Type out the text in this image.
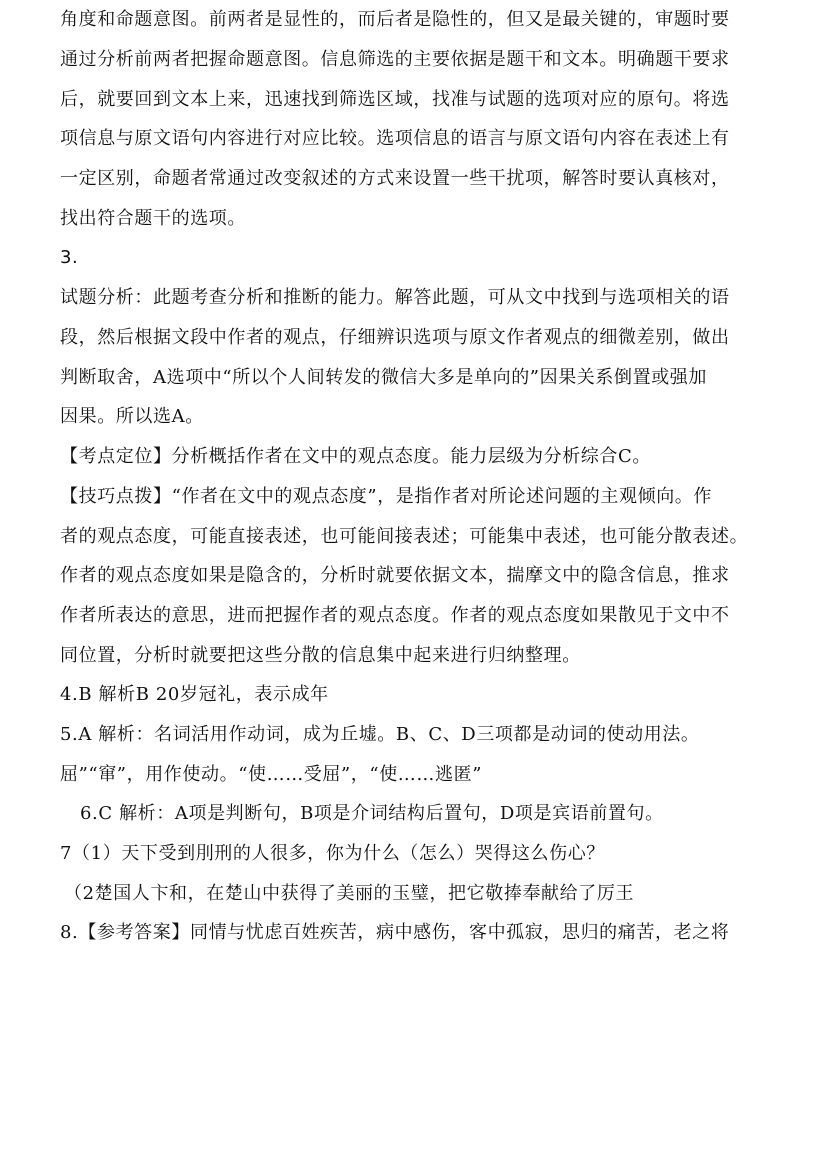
角度和命题意图。前两者是显性的，而后者是隐性的，但又是最关键的，审题时要
通过分析前两者把握命题意图。信息筛选的主要依据是题干和文本。明确题干要求
后，就要回到文本上来，迅速找到筛选区域，找准与试题的选项对应的原句。将选
项信息与原文语句内容进行对应比较。选项信息的语言与原文语句内容在表述上有
一定区别，命题者常通过改变叙述的方式来设置一些干扰项，解答时要认真核对，
找出符合题干的选项。
3.
试题分析：此题考查分析和推断的能力。解答此题，可从文中找到与选项相关的语
段，然后根据文段中作者的观点，仔细辨识选项与原文作者观点的细微差别，做出
判断取舍，A选项中“所以个人间转发的微信大多是单向的”因果关系倒置或强加
因果。所以选A。
【考点定位】分析概括作者在文中的观点态度。能力层级为分析综合C。
【技巧点拨】“作者在文中的观点态度”，是指作者对所论述问题的主观倾向。作
者的观点态度，可能直接表述，也可能间接表述；可能集中表述，也可能分散表述。
作者的观点态度如果是隐含的，分析时就要依据文本，揣摩文中的隐含信息，推求
作者所表达的意思，进而把握作者的观点态度。作者的观点态度如果散见于文中不
同位置，分析时就要把这些分散的信息集中起来进行归纳整理。
4.B 解析B 20岁冠礼，表示成年
5.A 解析：名词活用作动词，成为丘墟。B、C、D三项都是动词的使动用法。
屈”“窜”，用作使动。“使……受屈”，“使……逃匿”
6.C 解析：A项是判断句，B项是介词结构后置句，D项是宾语前置句。
7（1）天下受到刖刑的人很多，你为什么（怎么）哭得这么伤心？
（2楚国人卞和，在楚山中获得了美丽的玉璧，把它敬捧奉献给了厉王
8.【参考答案】同情与忧虑百姓疾苦，病中感伤，客中孤寂，思归的痛苦，老之将
